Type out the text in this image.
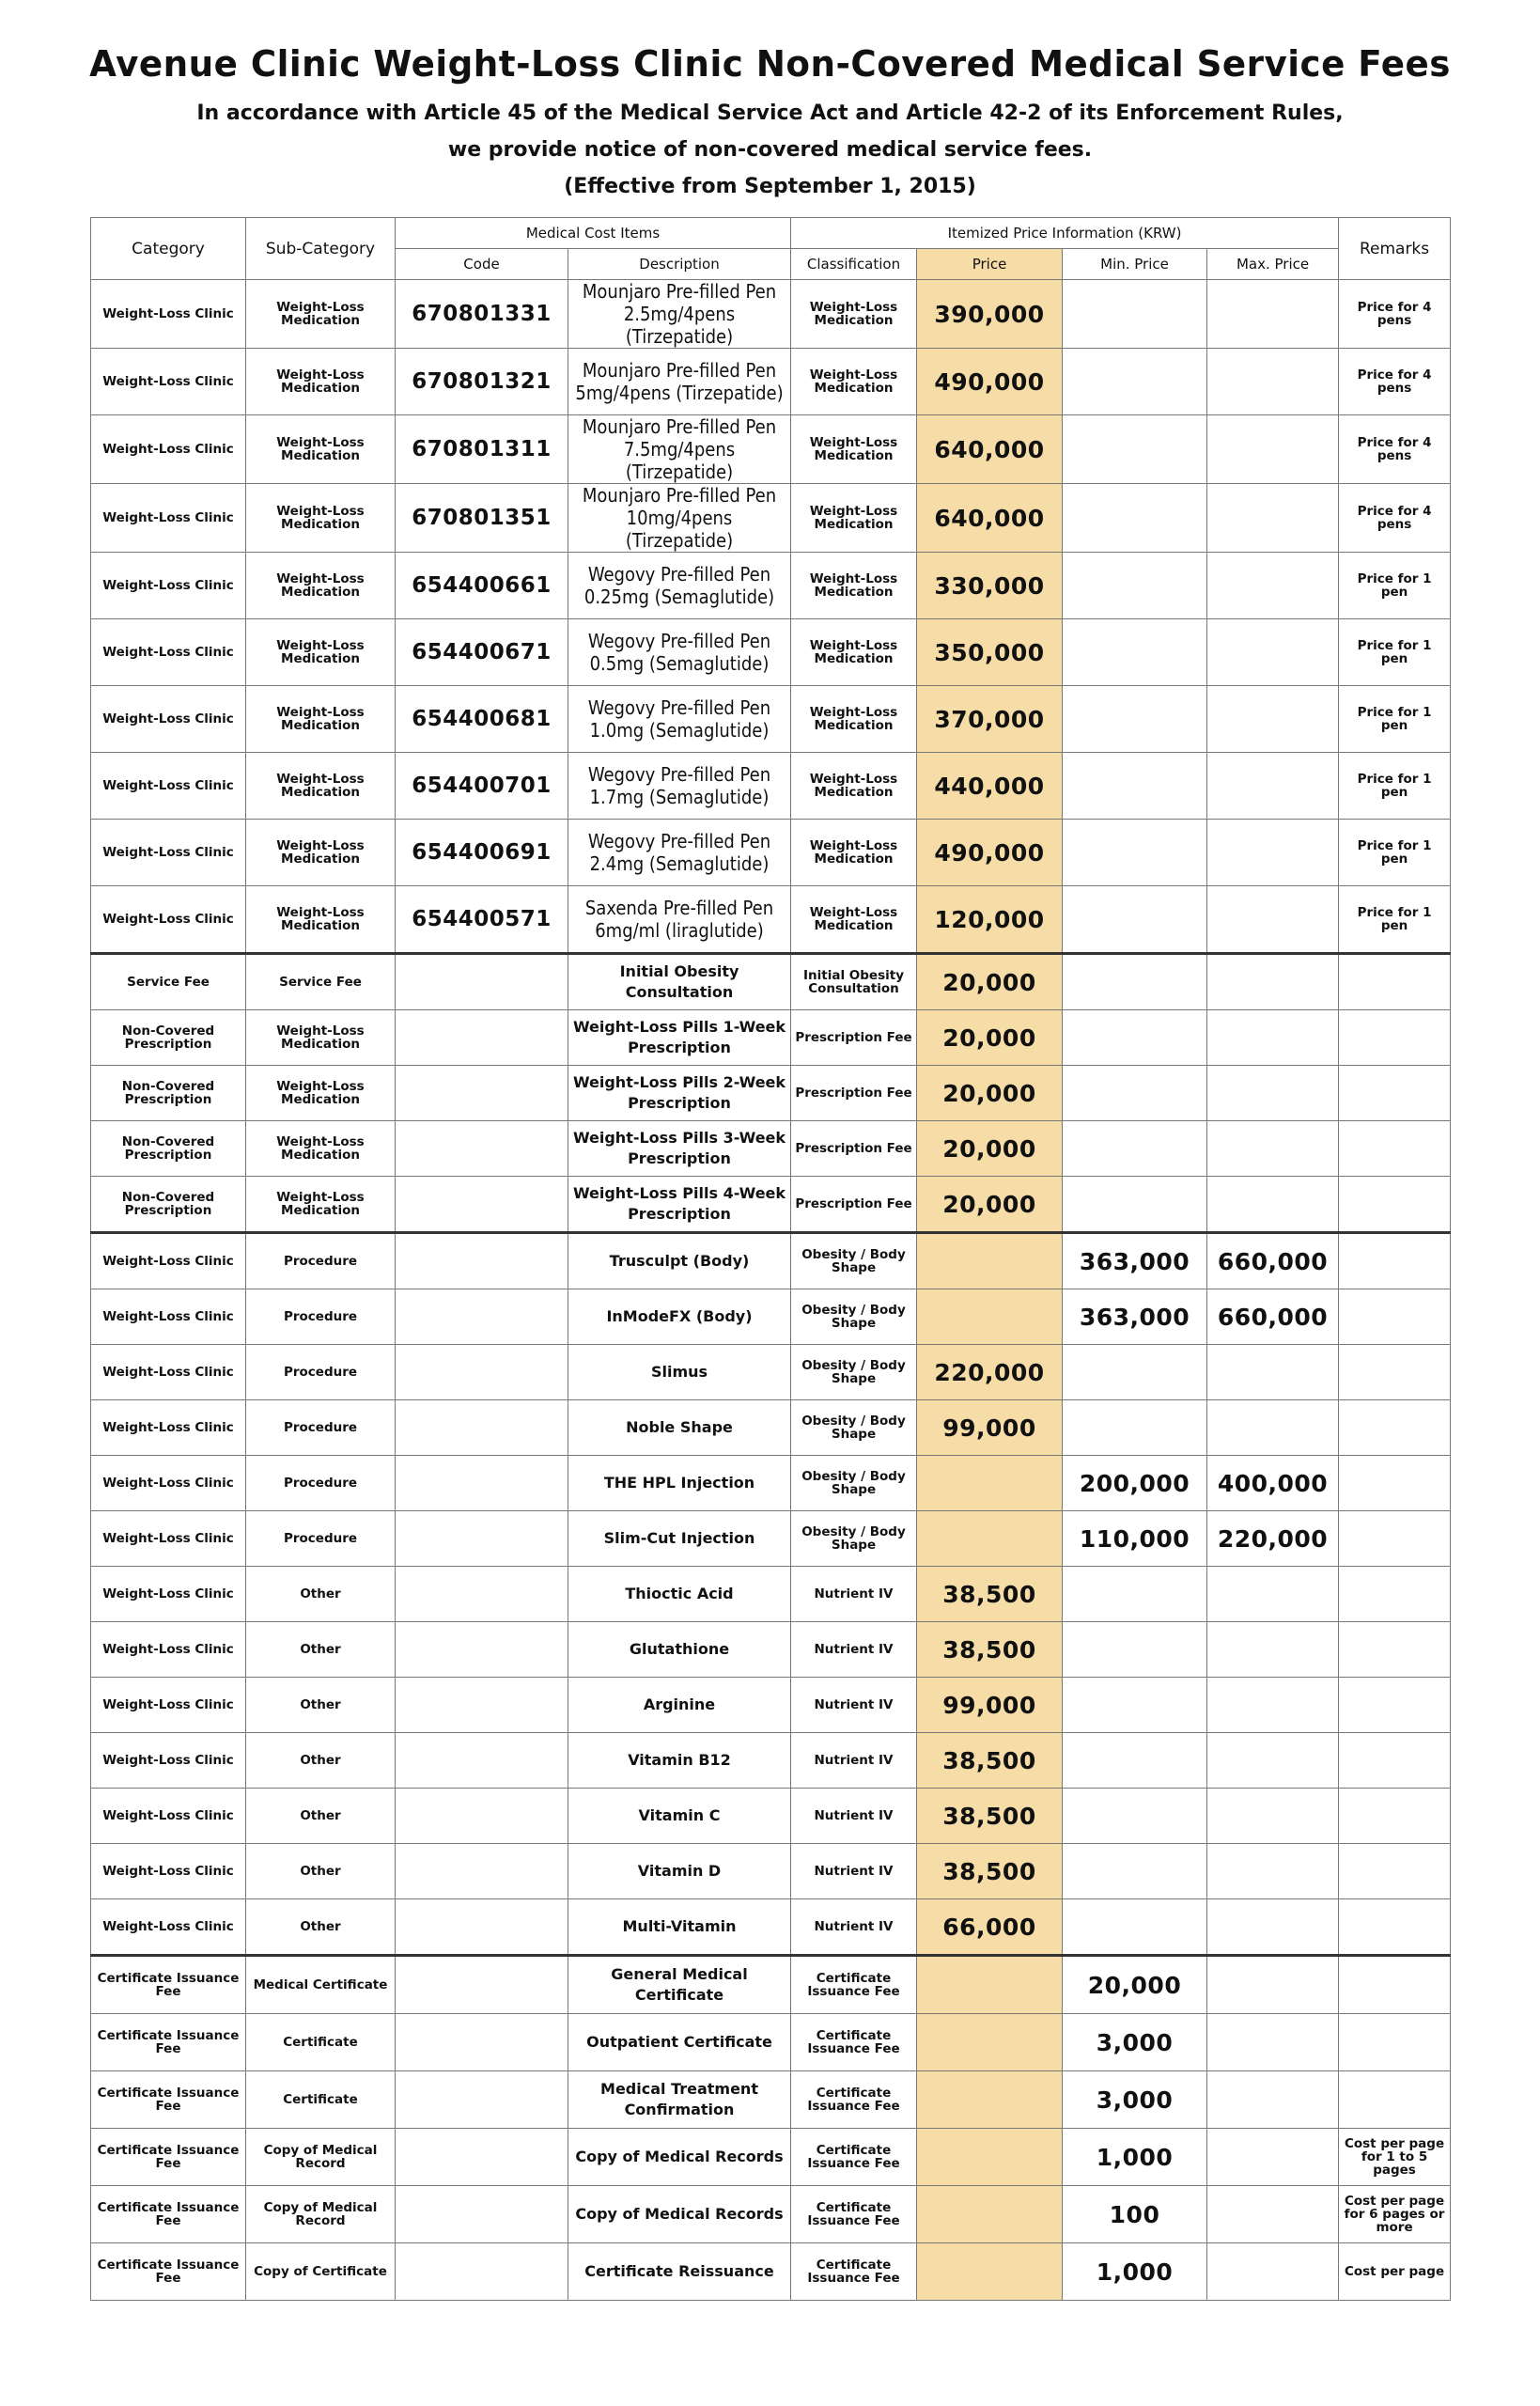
Avenue Clinic Weight-Loss Clinic Non-Covered Medical Service Fees
In accordance with Article 45 of the Medical Service Act and Article 42-2 of its Enforcement Rules,
we provide notice of non-covered medical service fees.
(Effective from September 1, 2015)
Category	Sub-Category	Medical Cost Items		Itemized Price Information (KRW)				Remarks
		Code	Description	Classification	Price	Min. Price	Max. Price	
Weight-Loss Clinic	Weight-Loss Medication	670801331	Mounjaro Pre-filled Pen 2.5mg/4pens (Tirzepatide)	Weight-Loss Medication	390,000			Price for 4 pens
Weight-Loss Clinic	Weight-Loss Medication	670801321	Mounjaro Pre-filled Pen 5mg/4pens (Tirzepatide)	Weight-Loss Medication	490,000			Price for 4 pens
Weight-Loss Clinic	Weight-Loss Medication	670801311	Mounjaro Pre-filled Pen 7.5mg/4pens (Tirzepatide)	Weight-Loss Medication	640,000			Price for 4 pens
Weight-Loss Clinic	Weight-Loss Medication	670801351	Mounjaro Pre-filled Pen 10mg/4pens (Tirzepatide)	Weight-Loss Medication	640,000			Price for 4 pens
Weight-Loss Clinic	Weight-Loss Medication	654400661	Wegovy Pre-filled Pen 0.25mg (Semaglutide)	Weight-Loss Medication	330,000			Price for 1 pen
Weight-Loss Clinic	Weight-Loss Medication	654400671	Wegovy Pre-filled Pen 0.5mg (Semaglutide)	Weight-Loss Medication	350,000			Price for 1 pen
Weight-Loss Clinic	Weight-Loss Medication	654400681	Wegovy Pre-filled Pen 1.0mg (Semaglutide)	Weight-Loss Medication	370,000			Price for 1 pen
Weight-Loss Clinic	Weight-Loss Medication	654400701	Wegovy Pre-filled Pen 1.7mg (Semaglutide)	Weight-Loss Medication	440,000			Price for 1 pen
Weight-Loss Clinic	Weight-Loss Medication	654400691	Wegovy Pre-filled Pen 2.4mg (Semaglutide)	Weight-Loss Medication	490,000			Price for 1 pen
Weight-Loss Clinic	Weight-Loss Medication	654400571	Saxenda Pre-filled Pen 6mg/ml (liraglutide)	Weight-Loss Medication	120,000			Price for 1 pen
Service Fee	Service Fee		Initial Obesity Consultation	Initial Obesity Consultation	20,000			
Non-Covered Prescription	Weight-Loss Medication		Weight-Loss Pills 1-Week Prescription	Prescription Fee	20,000			
Non-Covered Prescription	Weight-Loss Medication		Weight-Loss Pills 2-Week Prescription	Prescription Fee	20,000			
Non-Covered Prescription	Weight-Loss Medication		Weight-Loss Pills 3-Week Prescription	Prescription Fee	20,000			
Non-Covered Prescription	Weight-Loss Medication		Weight-Loss Pills 4-Week Prescription	Prescription Fee	20,000			
Weight-Loss Clinic	Procedure		Trusculpt (Body)	Obesity / Body Shape		363,000	660,000	
Weight-Loss Clinic	Procedure		InModeFX (Body)	Obesity / Body Shape		363,000	660,000	
Weight-Loss Clinic	Procedure		Slimus	Obesity / Body Shape	220,000			
Weight-Loss Clinic	Procedure		Noble Shape	Obesity / Body Shape	99,000			
Weight-Loss Clinic	Procedure		THE HPL Injection	Obesity / Body Shape		200,000	400,000	
Weight-Loss Clinic	Procedure		Slim-Cut Injection	Obesity / Body Shape		110,000	220,000	
Weight-Loss Clinic	Other		Thioctic Acid	Nutrient IV	38,500			
Weight-Loss Clinic	Other		Glutathione	Nutrient IV	38,500			
Weight-Loss Clinic	Other		Arginine	Nutrient IV	99,000			
Weight-Loss Clinic	Other		Vitamin B12	Nutrient IV	38,500			
Weight-Loss Clinic	Other		Vitamin C	Nutrient IV	38,500			
Weight-Loss Clinic	Other		Vitamin D	Nutrient IV	38,500			
Weight-Loss Clinic	Other		Multi-Vitamin	Nutrient IV	66,000			
Certificate Issuance Fee	Medical Certificate		General Medical Certificate	Certificate Issuance Fee		20,000		
Certificate Issuance Fee	Certificate		Outpatient Certificate	Certificate Issuance Fee		3,000		
Certificate Issuance Fee	Certificate		Medical Treatment Confirmation	Certificate Issuance Fee		3,000		
Certificate Issuance Fee	Copy of Medical Record		Copy of Medical Records	Certificate Issuance Fee		1,000		Cost per page for 1 to 5 pages
Certificate Issuance Fee	Copy of Medical Record		Copy of Medical Records	Certificate Issuance Fee		100		Cost per page for 6 pages or more
Certificate Issuance Fee	Copy of Certificate		Certificate Reissuance	Certificate Issuance Fee		1,000		Cost per page
